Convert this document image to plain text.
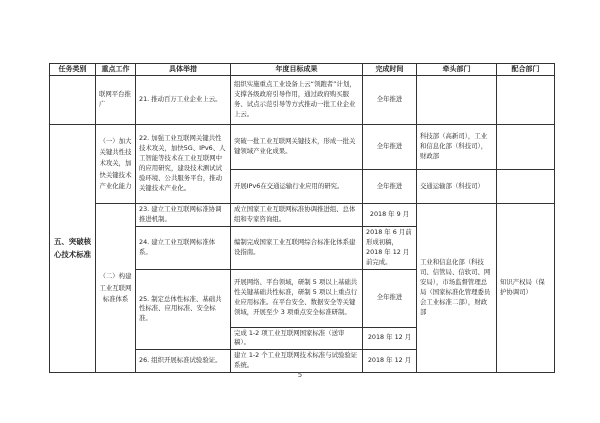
任务类别	重点工作	具体举措	年度目标成果	完成时间	牵头部门	配合部门
	联网平台推广	21. 推动百万工业企业上云。	组织实施重点工业设备上云“领跑者”计划，支撑各级政府引导作用，通过政府购买服务、试点示范引导等方式推动一批工业企业上云。	全年推进		
五、突破核心技术标准	（一）加大关键共性技术攻关，加快关键技术产业化能力	22. 加强工业互联网关键共性技术攻关，加快5G、IPv6、人工智能等技术在工业互联网中的应用研究，建设技术测试试验环境、公共服务平台，推动关键技术产业化。	突破一批工业互联网关键技术，形成一批关键领域产业化成果。	全年推进	科技部（高新司），工业和信息化部（科技司），财政部	
			开展IPv6在交通运输行业应用的研究。	全年推进	交通运输部（科技司）	
	（二）构建工业互联网标准体系	23. 建立工业互联网标准协调推进机制。	成立国家工业互联网标准协调推进组、总体组和专家咨询组。	2018 年 9 月	工业和信息化部（科技司、信管局、信软司、网安局），市场监督管理总局（国家标准化管理委员会工业标准二部），财政部	知识产权局（保护协调司）
		24. 建立工业互联网标准体系。	编制完成国家工业互联网综合标准化体系建设指南。	2018 年 6 月前形成初稿，2018 年 12 月前完成。		
		25. 制定总体性标准、基础共性标准、应用标准、安全标准。	开展网络、平台领域，研制 5 项以上基础共性关键基础共性标准，研制 5 项以上重点行业应用标准。在平台安全、数据安全等关键领域，开展至少 3 项重点安全标准研制。	全年推进		
			完成 1-2 项工业互联网国家标准（送审稿）。	2018 年 12 月		
		26. 组织开展标准试验验证。	建立 1-2 个工业互联网技术标准与试验验证系统。	2018 年 12 月		
5
